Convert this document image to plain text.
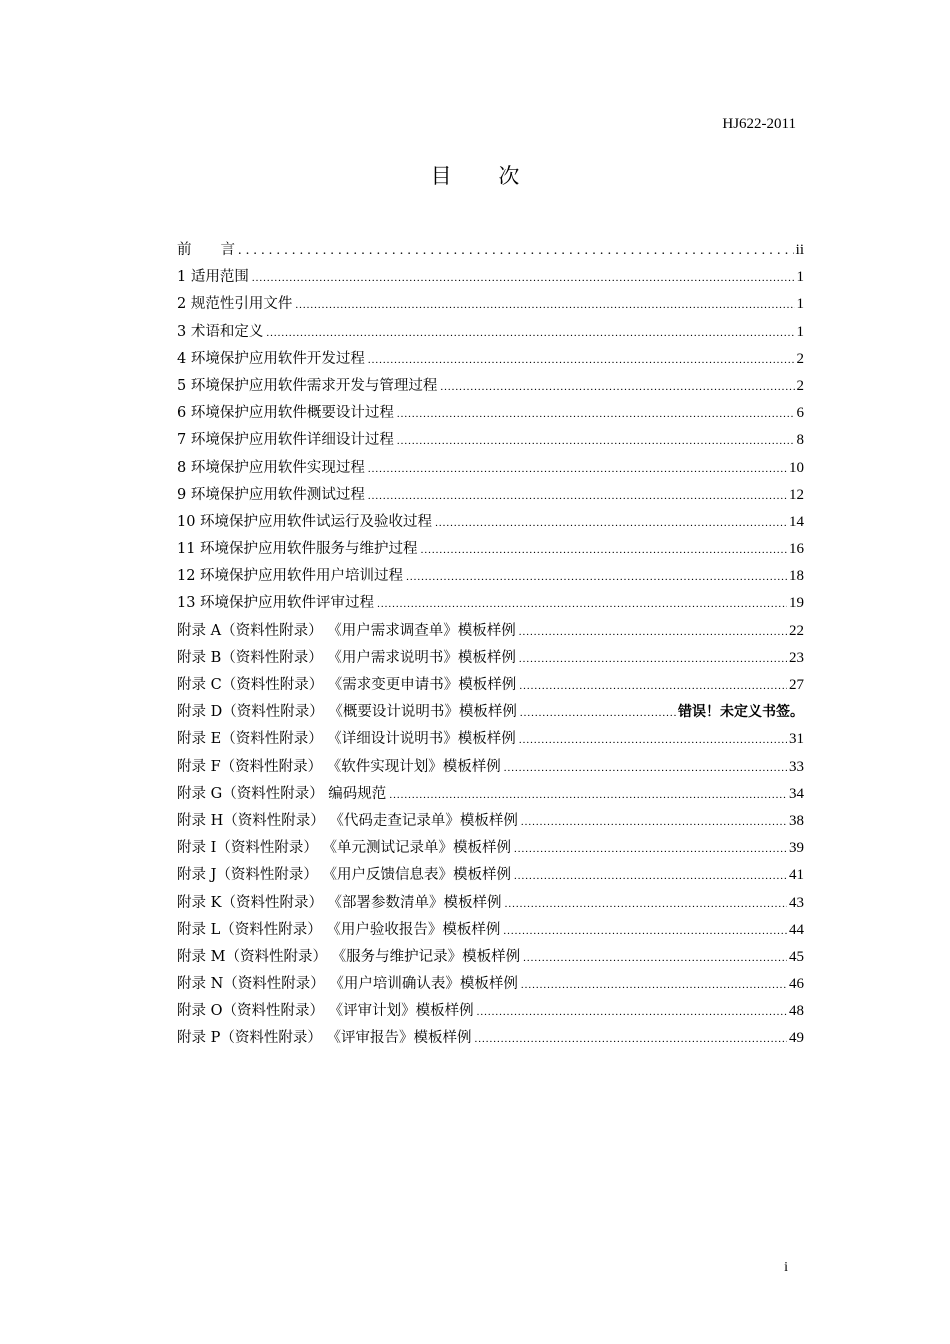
HJ622-2011
目 次
前　　言 .....	ii
1 适用范围 .....	1
2 规范性引用文件 .....	1
3 术语和定义 .....	1
4 环境保护应用软件开发过程 .....	2
5 环境保护应用软件需求开发与管理过程 .....	2
6 环境保护应用软件概要设计过程 .....	6
7 环境保护应用软件详细设计过程 .....	8
8 环境保护应用软件实现过程 .....	10
9 环境保护应用软件测试过程 .....	12
10 环境保护应用软件试运行及验收过程 .....	14
11 环境保护应用软件服务与维护过程 .....	16
12 环境保护应用软件用户培训过程 .....	18
13 环境保护应用软件评审过程 .....	19
附录 A（资料性附录） 《用户需求调查单》模板样例 .....	22
附录 B（资料性附录） 《用户需求说明书》模板样例 .....	23
附录 C（资料性附录） 《需求变更申请书》模板样例 .....	27
附录 D（资料性附录） 《概要设计说明书》模板样例 .....	错误！未定义书签。
附录 E（资料性附录） 《详细设计说明书》模板样例 .....	31
附录 F（资料性附录） 《软件实现计划》模板样例 .....	33
附录 G（资料性附录） 编码规范 .....	34
附录 H（资料性附录） 《代码走查记录单》模板样例 .....	38
附录 I（资料性附录） 《单元测试记录单》模板样例 .....	39
附录 J（资料性附录） 《用户反馈信息表》模板样例 .....	41
附录 K（资料性附录） 《部署参数清单》模板样例 .....	43
附录 L（资料性附录） 《用户验收报告》模板样例 .....	44
附录 M（资料性附录） 《服务与维护记录》模板样例 .....	45
附录 N（资料性附录） 《用户培训确认表》模板样例 .....	46
附录 O（资料性附录） 《评审计划》模板样例 .....	48
附录 P（资料性附录） 《评审报告》模板样例 .....	49
i
